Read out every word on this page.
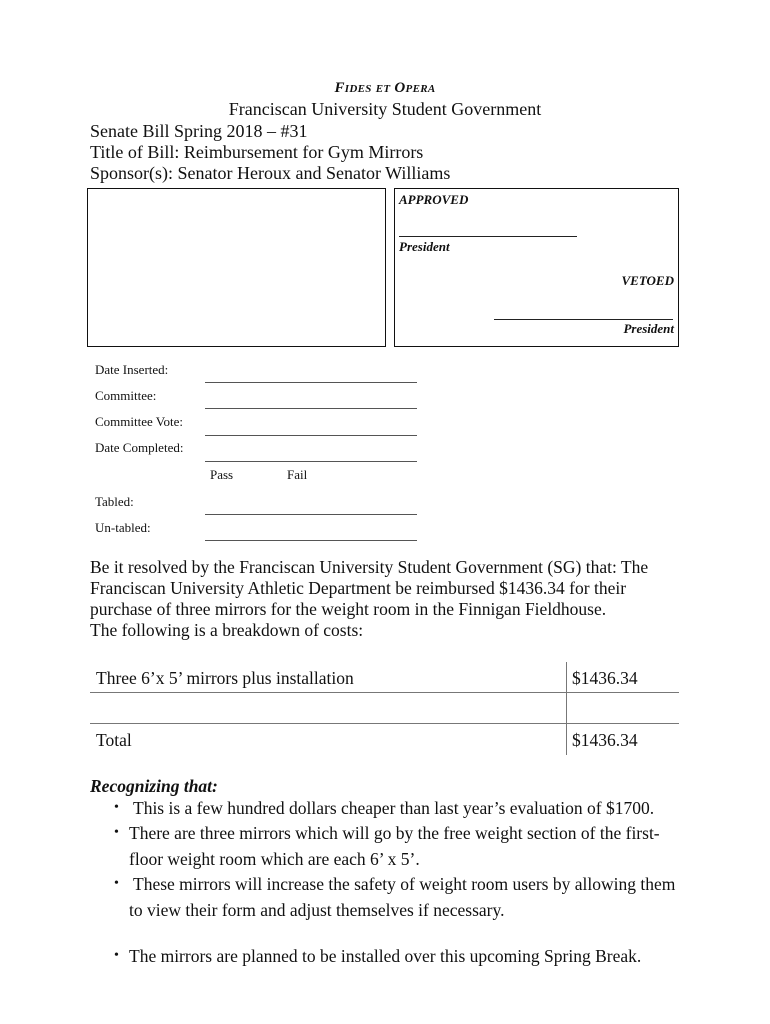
Fides et Opera
Franciscan University Student Government
Senate Bill Spring 2018 – #31
Title of Bill: Reimbursement for Gym Mirrors
Sponsor(s): Senator Heroux and Senator Williams
APPROVED
President
VETOED
President
Date Inserted:
Committee:
Committee Vote:
Date Completed:
Pass	Fail
Tabled:
Un-tabled:
Be it resolved by the Franciscan University Student Government (SG) that: The
Franciscan University Athletic Department be reimbursed $1436.34 for their
purchase of three mirrors for the weight room in the Finnigan Fieldhouse.
The following is a breakdown of costs:
Three 6’x 5’ mirrors plus installation	$1436.34
Total	$1436.34
Recognizing that:
• This is a few hundred dollars cheaper than last year’s evaluation of $1700.
• There are three mirrors which will go by the free weight section of the first-
floor weight room which are each 6’ x 5’.
• These mirrors will increase the safety of weight room users by allowing them
to view their form and adjust themselves if necessary.
• The mirrors are planned to be installed over this upcoming Spring Break.
